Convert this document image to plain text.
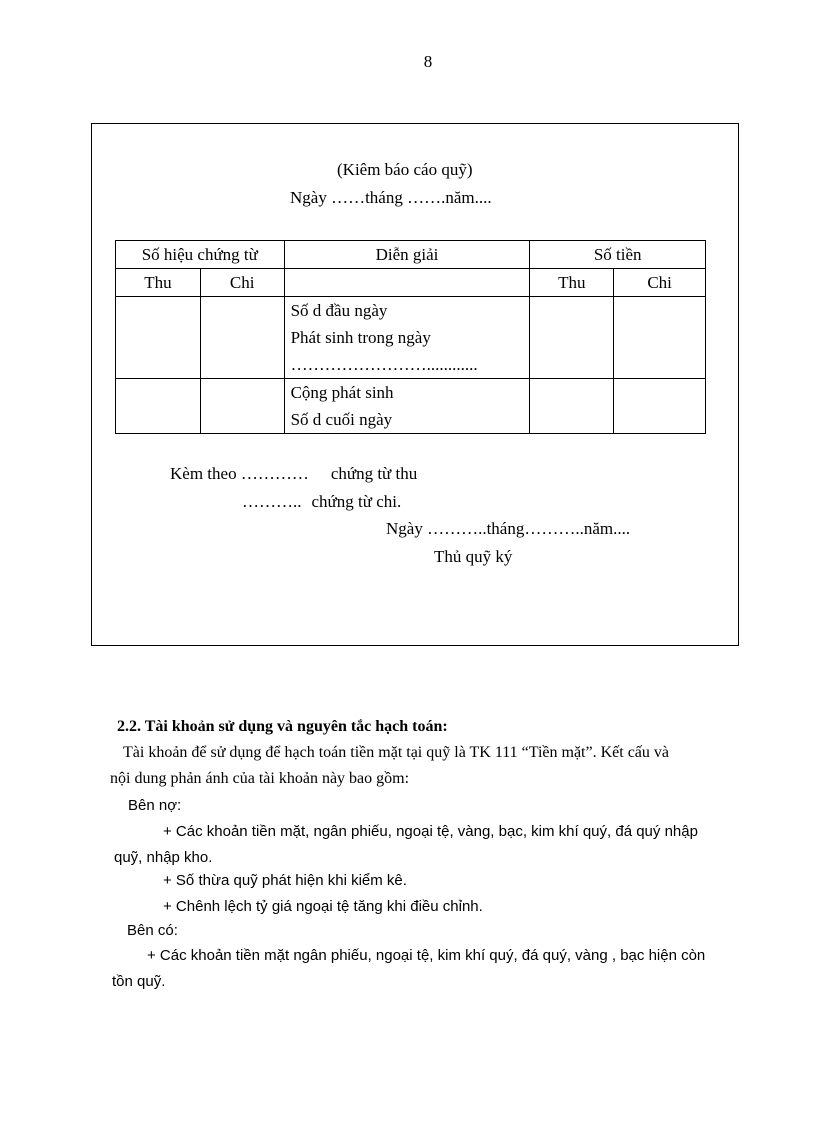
8
(Kiêm báo cáo quỹ)
Ngày ……tháng …….năm....
Số hiệu chứng từ		Diễn giải	Số tiền	
Thu	Chi		Thu	Chi

		Số d đầu ngày
Phát sinh trong ngày
……………………............		

		Cộng phát sinh
Số d cuối ngày		

Kèm theo ………… chứng từ thu
……….. chứng từ chi.
Ngày ………..tháng………..năm....
Thủ quỹ ký
2.2. Tài khoản sử dụng và nguyên tắc hạch toán:
Tài khoản để sử dụng để hạch toán tiền mặt tại quỹ là TK 111 “Tiền mặt”. Kết cấu và
nội dung phản ánh của tài khoản này bao gồm:
Bên nợ:
+ Các khoản tiền mặt, ngân phiếu, ngoại tệ, vàng, bạc, kim khí quý, đá quý nhập
quỹ, nhập kho.
+ Số thừa quỹ phát hiện khi kiểm kê.
+ Chênh lệch tỷ giá ngoại tệ tăng khi điều chỉnh.
Bên có:
+ Các khoản tiền mặt ngân phiếu, ngoại tệ, kim khí quý, đá quý, vàng , bạc hiện còn
tồn quỹ.
